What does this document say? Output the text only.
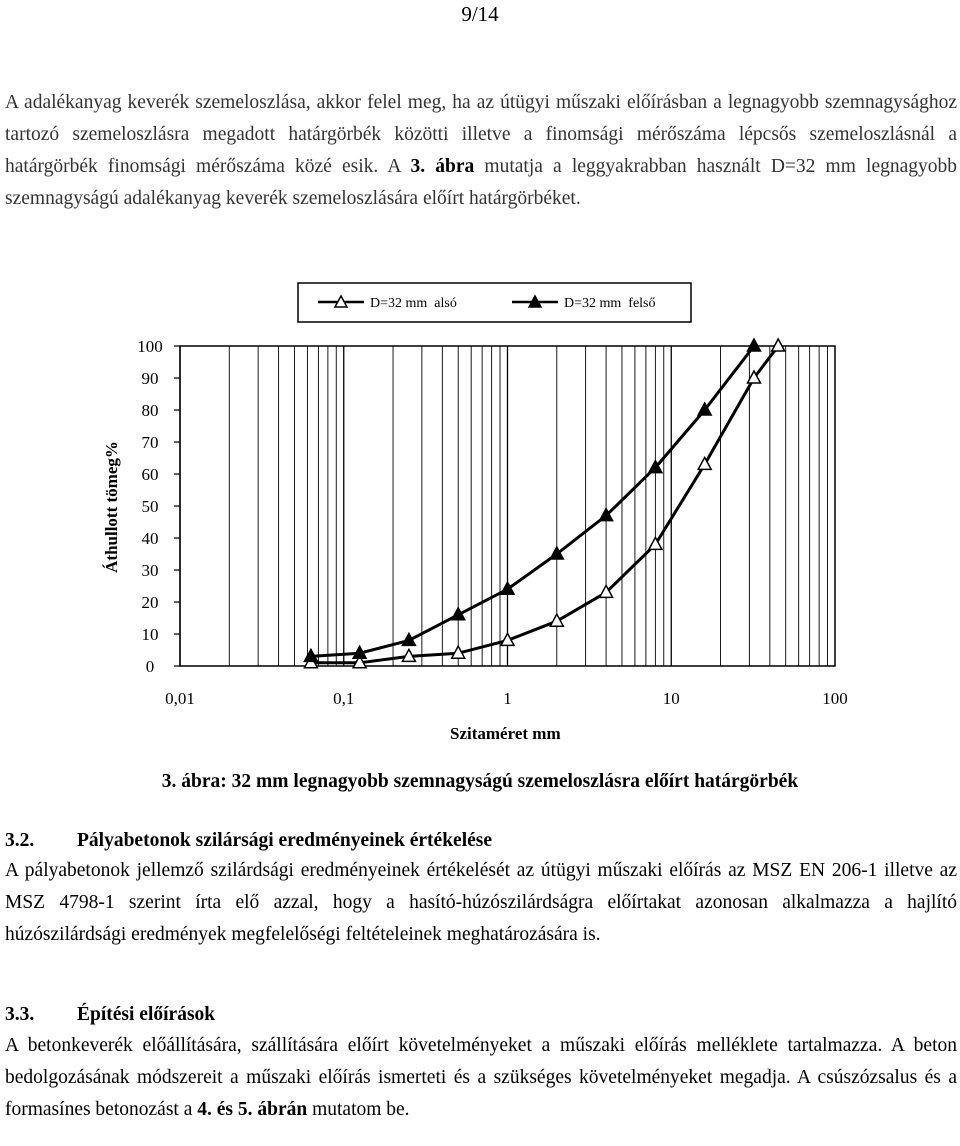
9/14

A adalékanyag keverék szemeloszlása, akkor felel meg, ha az útügyi műszaki előírásban a legnagyobb szemnagysághoz tartozó szemeloszlásra megadott határgörbék közötti illetve a finomsági mérőszáma lépcsős szemeloszlásnál a határgörbék finomsági mérőszáma közé esik. A 3. ábra mutatja a leggyakrabban használt D=32 mm legnagyobb szemnagyságú adalékanyag keverék szemeloszlására előírt határgörbéket.

D=32 mm  alsó	D=32 mm  felső
0
10
20
30
40
50
60
70
80
90
100
0,01	0,1	1	10	100
Szitaméret mm
Áthullott tömeg%
3. ábra: 32 mm legnagyobb szemnagyságú szemeloszlásra előírt határgörbék
3.2. Pályabetonok szilársági eredményeinek értékelése

A pályabetonok jellemző szilárdsági eredményeinek értékelését az útügyi műszaki előírás az MSZ EN 206-1 illetve az MSZ 4798-1 szerint írta elő azzal, hogy a hasító-húzószilárdságra előírtakat azonosan alkalmazza a hajlító húzószilárdsági eredmények megfelelőségi feltételeinek meghatározására is.

3.3. Építési előírások

A betonkeverék előállítására, szállítására előírt követelményeket a műszaki előírás melléklete tartalmazza. A beton bedolgozásának módszereit a műszaki előírás ismerteti és a szükséges követelményeket megadja. A csúszózsalus és a formasínes betonozást a 4. és 5. ábrán mutatom be.
